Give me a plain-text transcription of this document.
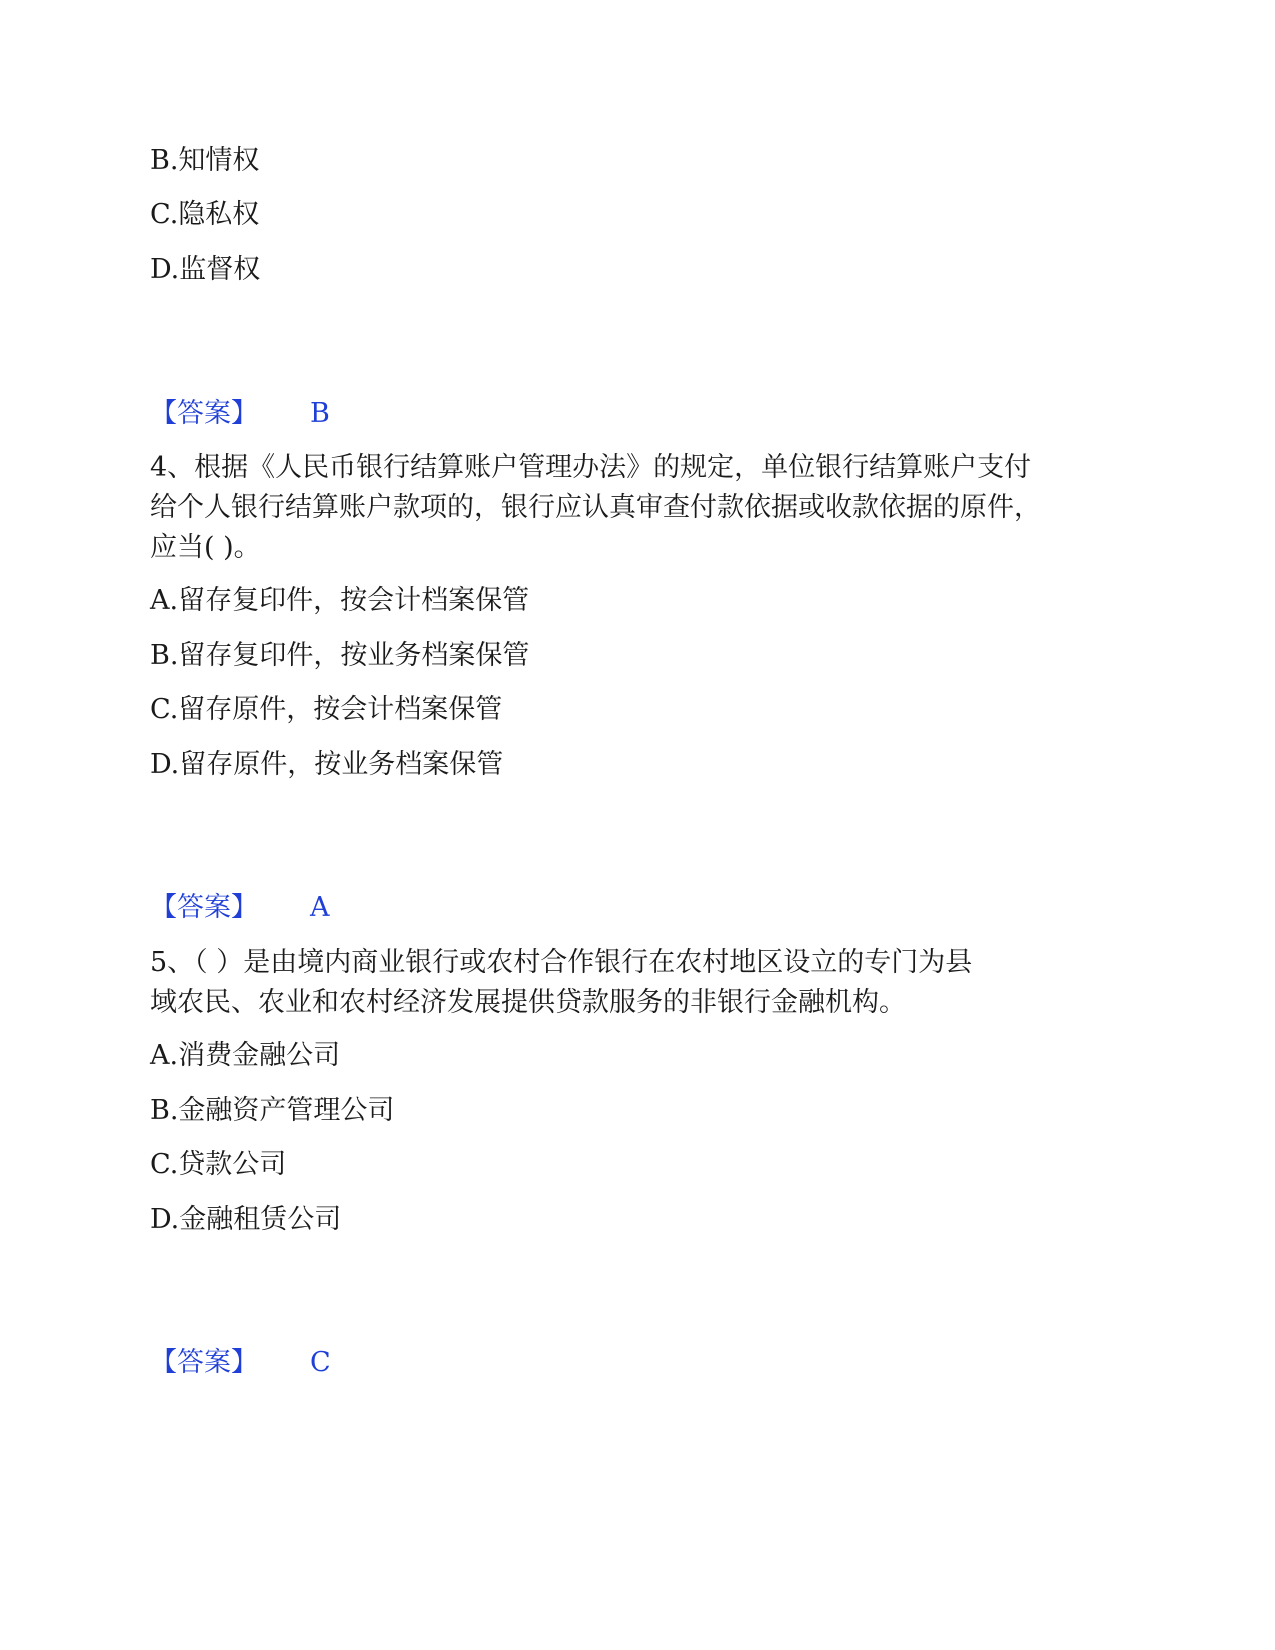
B.知情权

C.隐私权

D.监督权

【答案】 B
4、根据《人民币银行结算账户管理办法》的规定，单位银行结算账户支付
给个人银行结算账户款项的，银行应认真审查付款依据或收款依据的原件，
应当( )。

A.留存复印件，按会计档案保管

B.留存复印件，按业务档案保管

C.留存原件，按会计档案保管

D.留存原件，按业务档案保管

【答案】 A
5、（ ）是由境内商业银行或农村合作银行在农村地区设立的专门为县
域农民、农业和农村经济发展提供贷款服务的非银行金融机构。

A.消费金融公司

B.金融资产管理公司

C.贷款公司

D.金融租赁公司

【答案】 C
